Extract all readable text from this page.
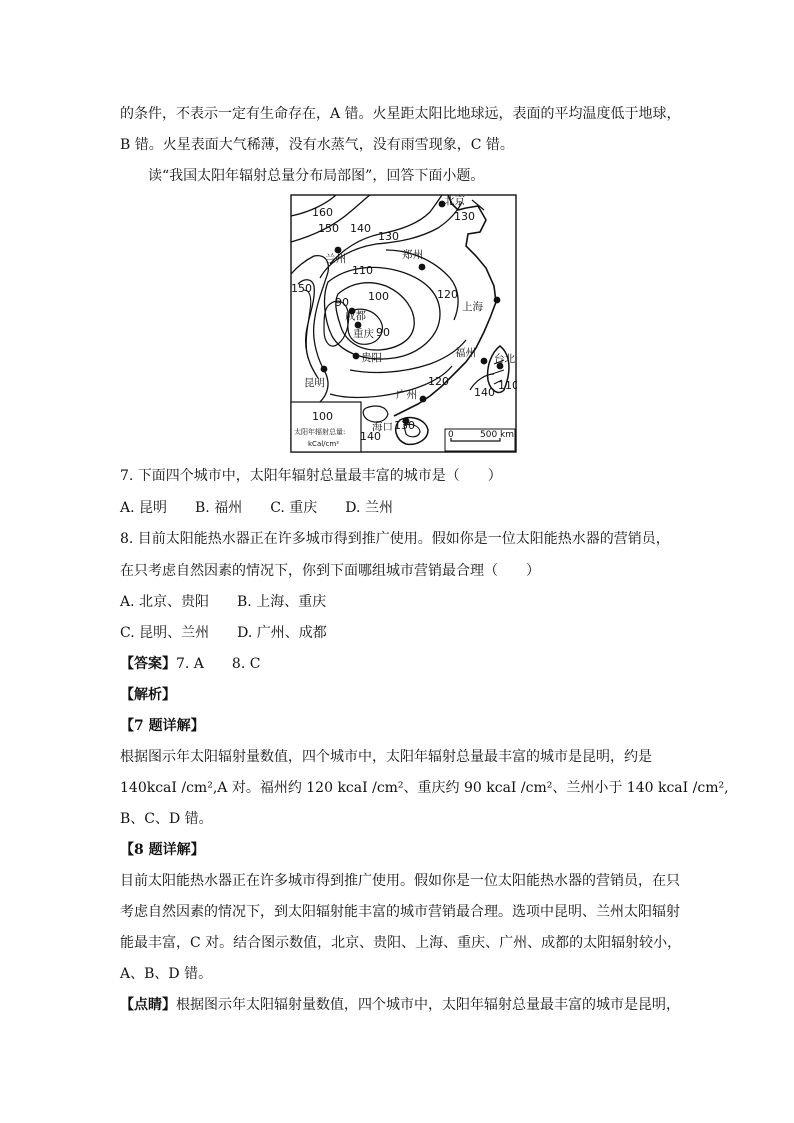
的条件，不表示一定有生命存在，A 错。火星距太阳比地球远，表面的平均温度低于地球，
B 错。火星表面大气稀薄，没有水蒸气，没有雨雪现象，C 错。
读“我国太阳年辐射总量分布局部图”，回答下面小题。
北京
兰州	郑州
上海
成都
重庆
贵阳	福州 台北
昆明
广州
海口
160
150 140
130
130
150
110
90 100
90
120
120
140
110
100
130
140
太阳年辐射总量:
kCal/cm²
0	500 km
7. 下面四个城市中，太阳年辐射总量最丰富的城市是（　　）
A. 昆明　　B. 福州　　C. 重庆　　D. 兰州
8. 目前太阳能热水器正在许多城市得到推广使用。假如你是一位太阳能热水器的营销员，
在只考虑自然因素的情况下，你到下面哪组城市营销最合理（　　）
A. 北京、贵阳　　B. 上海、重庆
C. 昆明、兰州　　D. 广州、成都
【答案】7. A　　8. C
【解析】
【7 题详解】
根据图示年太阳辐射量数值，四个城市中，太阳年辐射总量最丰富的城市是昆明，约是
140kcaI /cm²,A 对。福州约 120 kcaI /cm²、重庆约 90 kcaI /cm²、兰州小于 140 kcaI /cm²,
B、C、D 错。
【8 题详解】
目前太阳能热水器正在许多城市得到推广使用。假如你是一位太阳能热水器的营销员，在只
考虑自然因素的情况下，到太阳辐射能丰富的城市营销最合理。选项中昆明、兰州太阳辐射
能最丰富，C 对。结合图示数值，北京、贵阳、上海、重庆、广州、成都的太阳辐射较小，
A、B、D 错。
【点睛】根据图示年太阳辐射量数值，四个城市中，太阳年辐射总量最丰富的城市是昆明，
